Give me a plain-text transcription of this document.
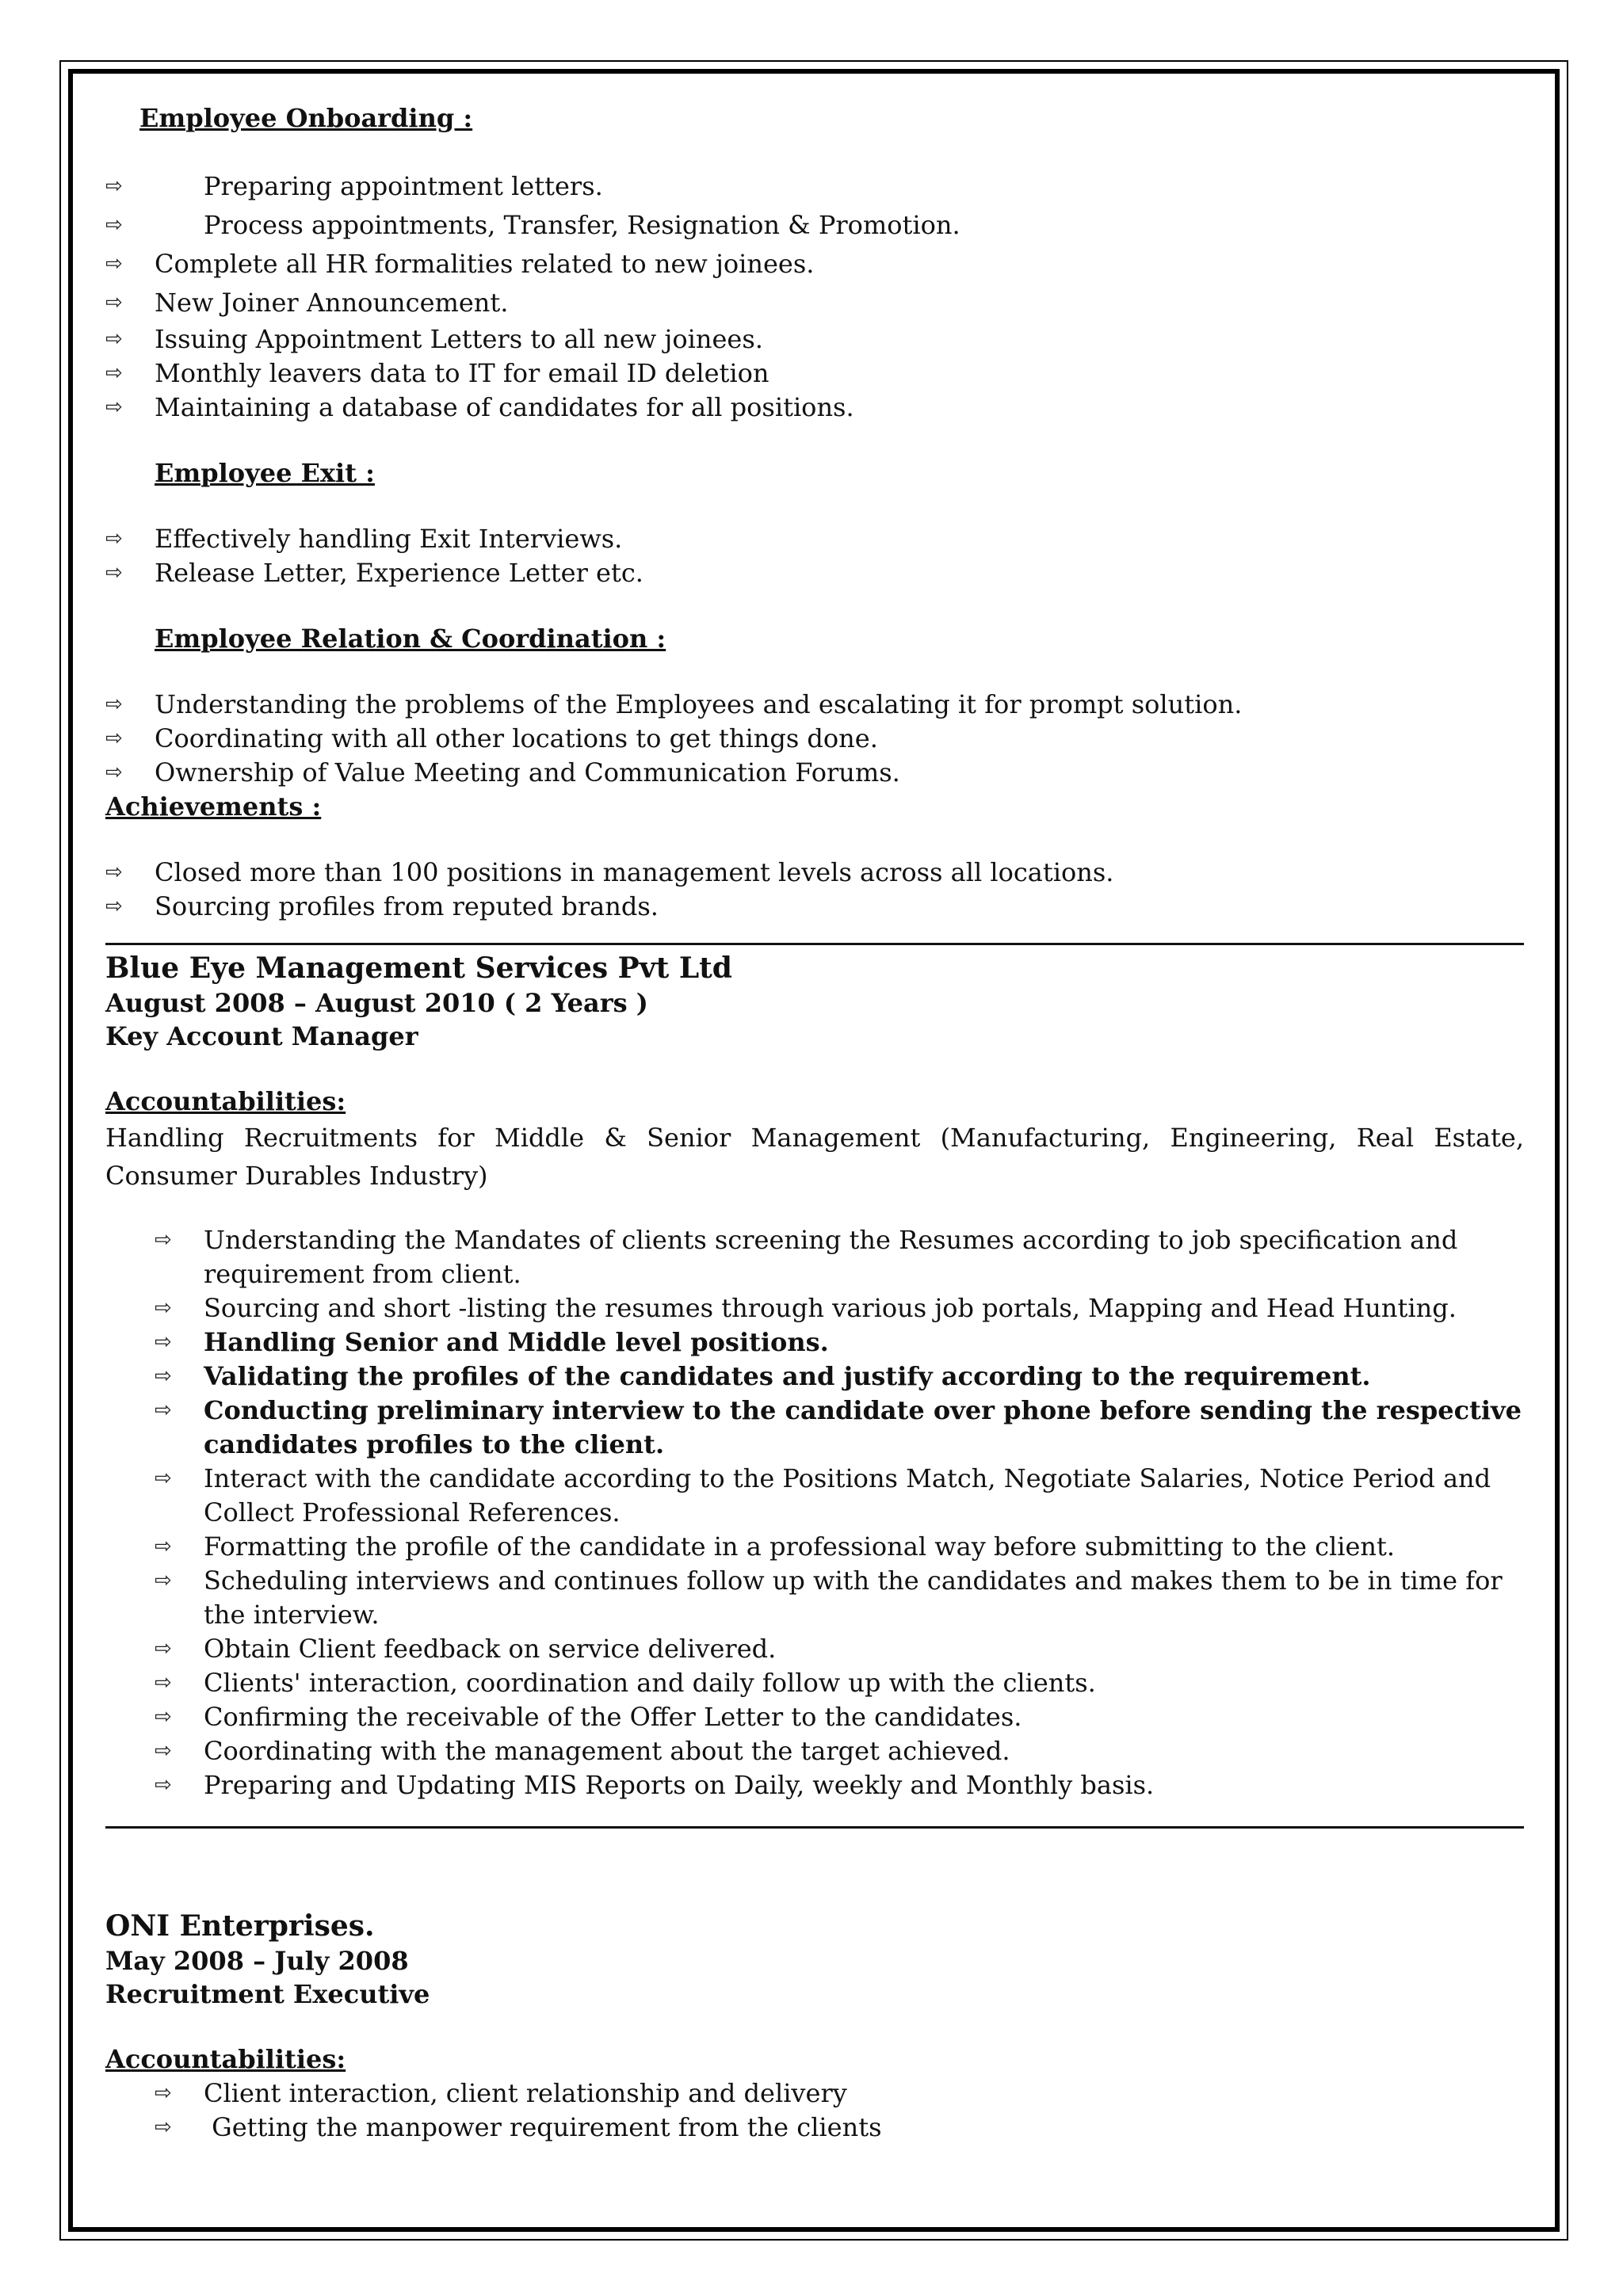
Employee Onboarding :
⇨	Preparing appointment letters.
⇨	Process appointments, Transfer, Resignation & Promotion.
⇨	Complete all HR formalities related to new joinees.
⇨	New Joiner Announcement.
⇨	Issuing Appointment Letters to all new joinees.
⇨	Monthly leavers data to IT for email ID deletion
⇨	Maintaining a database of candidates for all positions.
Employee Exit :
⇨	Effectively handling Exit Interviews.
⇨	Release Letter, Experience Letter etc.
Employee Relation & Coordination :
⇨	Understanding the problems of the Employees and escalating it for prompt solution.
⇨	Coordinating with all other locations to get things done.
⇨	Ownership of Value Meeting and Communication Forums.
Achievements :
⇨	Closed more than 100 positions in management levels across all locations.
⇨	Sourcing profiles from reputed brands.
Blue Eye Management Services Pvt Ltd
August 2008 – August 2010 ( 2 Years )
Key Account Manager
Accountabilities:
Handling Recruitments for Middle & Senior Management (Manufacturing, Engineering, Real Estate, Consumer Durables Industry)
⇨	Understanding the Mandates of clients screening the Resumes according to job specification and requirement from client.
⇨	Sourcing and short -listing the resumes through various job portals, Mapping and Head Hunting.
⇨	Handling Senior and Middle level positions.
⇨	Validating the profiles of the candidates and justify according to the requirement.
⇨	Conducting preliminary interview to the candidate over phone before sending the respective candidates profiles to the client.
⇨	Interact with the candidate according to the Positions Match, Negotiate Salaries, Notice Period and Collect Professional References.
⇨	Formatting the profile of the candidate in a professional way before submitting to the client.
⇨	Scheduling interviews and continues follow up with the candidates and makes them to be in time for the interview.
⇨	Obtain Client feedback on service delivered.
⇨	Clients' interaction, coordination and daily follow up with the clients.
⇨	Confirming the receivable of the Offer Letter to the candidates.
⇨	Coordinating with the management about the target achieved.
⇨	Preparing and Updating MIS Reports on Daily, weekly and Monthly basis.
ONI Enterprises.
May 2008 – July 2008
Recruitment Executive
Accountabilities:
⇨	Client interaction, client relationship and delivery
⇨	Getting the manpower requirement from the clients
